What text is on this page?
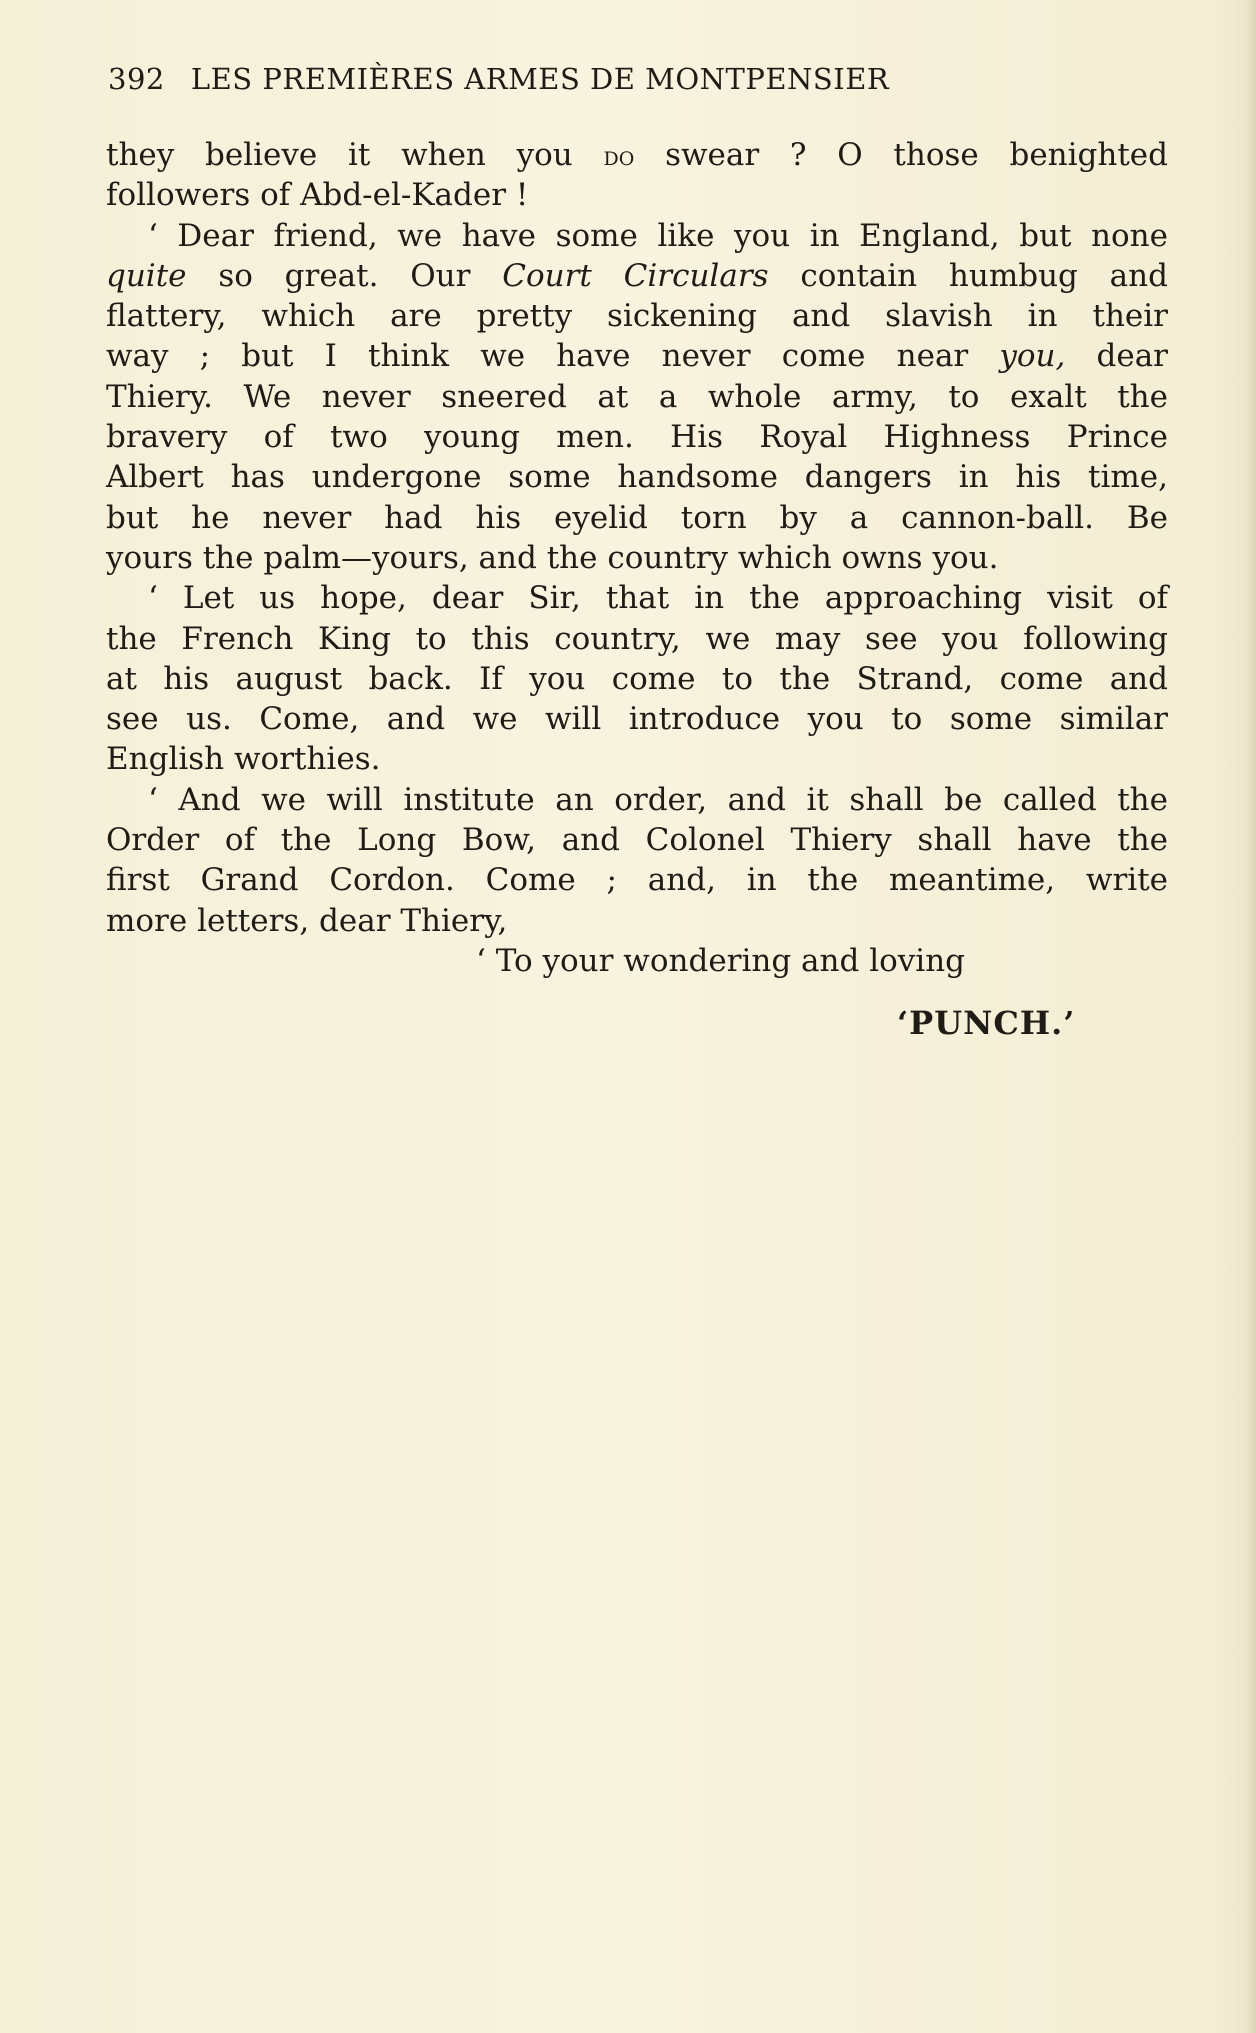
392 LES PREMIÈRES ARMES DE MONTPENSIER
they believe it when you do swear ? O those benighted
followers of Abd-el-Kader !
‘ Dear friend, we have some like you in England, but none
quite so great. Our Court Circulars contain humbug and
flattery, which are pretty sickening and slavish in their
way ; but I think we have never come near you, dear
Thiery. We never sneered at a whole army, to exalt the
bravery of two young men. His Royal Highness Prince
Albert has undergone some handsome dangers in his time,
but he never had his eyelid torn by a cannon-ball. Be
yours the palm—yours, and the country which owns you.
‘ Let us hope, dear Sir, that in the approaching visit of
the French King to this country, we may see you following
at his august back. If you come to the Strand, come and
see us. Come, and we will introduce you to some similar
English worthies.
‘ And we will institute an order, and it shall be called the
Order of the Long Bow, and Colonel Thiery shall have the
first Grand Cordon. Come ; and, in the meantime, write
more letters, dear Thiery,
‘ To your wondering and loving
‘PUNCH.’
